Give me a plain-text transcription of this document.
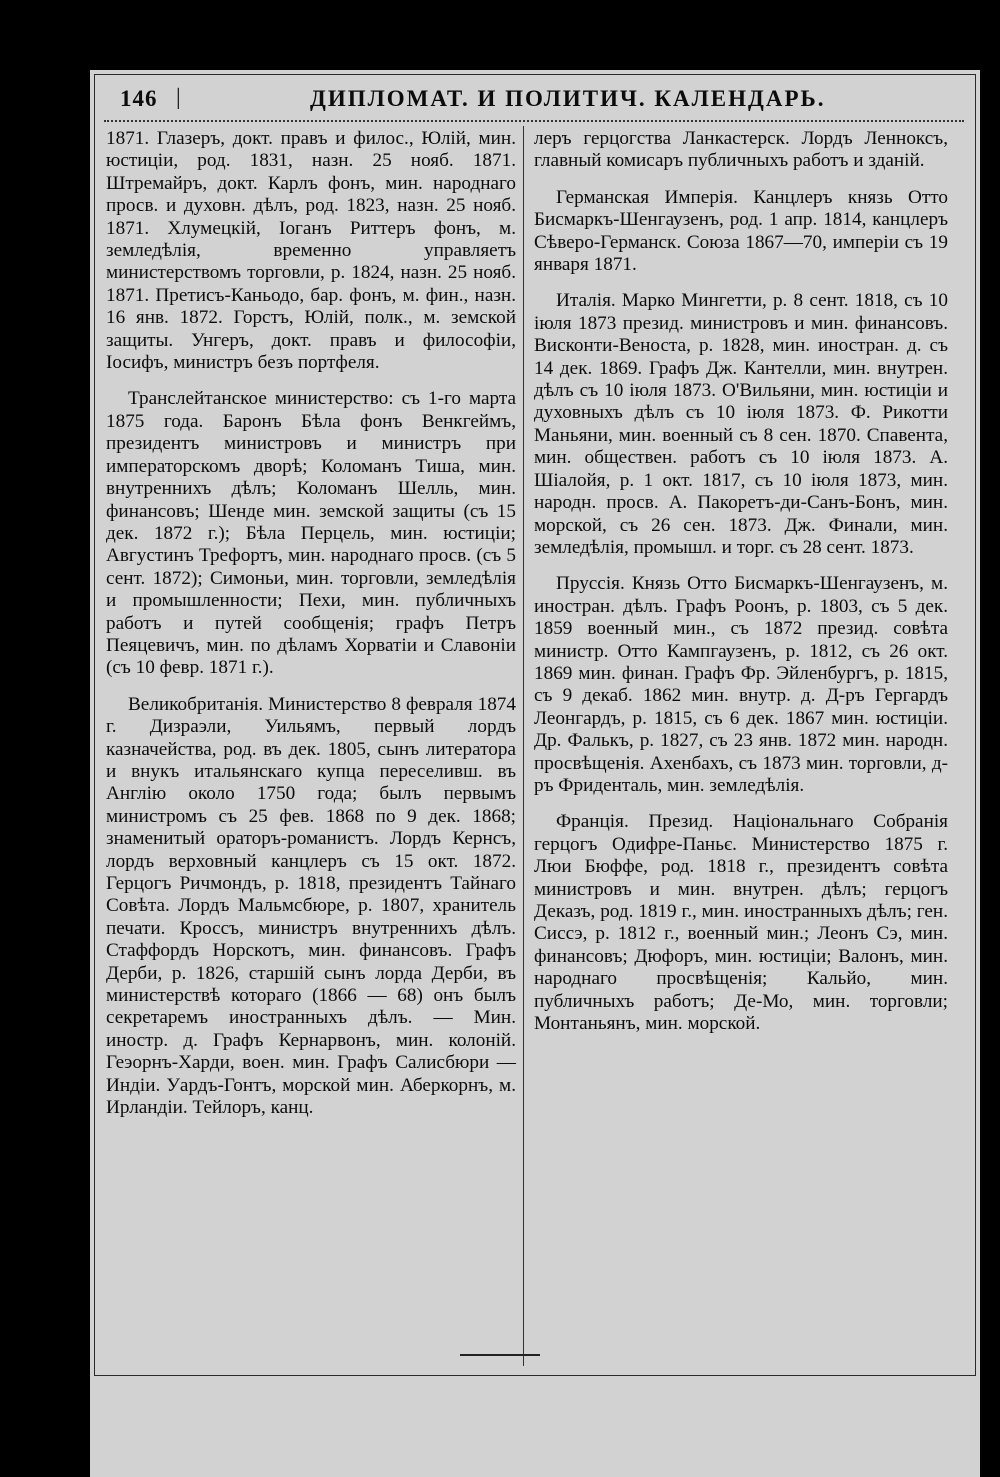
146 |	ДИПЛОМАТ. И ПОЛИТИЧ. КАЛЕНДАРЬ.

1871. Глазеръ, докт. правъ и филос., Юлій, мин. юстиціи, род. 1831, назн. 25 нояб. 1871. Штремайръ, докт. Карлъ фонъ, мин. народнаго просв. и духовн. дѣлъ, род. 1823, назн. 25 нояб. 1871. Хлумецкій, Іоганъ Риттеръ фонъ, м. земледѣлія, временно управляетъ министерствомъ торговли, р. 1824, назн. 25 нояб. 1871. Претисъ-Каньодо, бар. фонъ, м. фин., назн. 16 янв. 1872. Горстъ, Юлій, полк., м. земской защиты. Унгеръ, докт. правъ и философіи, Іосифъ, министръ безъ портфеля.

Транслейтанское министерство: съ 1-го марта 1875 года. Баронъ Бѣла фонъ Венкгеймъ, президентъ министровъ и министръ при императорскомъ дворѣ; Коломанъ Тиша, мин. внутреннихъ дѣлъ; Коломанъ Шелль, мин. финансовъ; Шенде мин. земской защиты (съ 15 дек. 1872 г.); Бѣла Перцель, мин. юстиціи; Августинъ Трефортъ, мин. народнаго просв. (съ 5 сент. 1872); Симоньи, мин. торговли, земледѣлія и промышленности; Пехи, мин. публичныхъ работъ и путей сообщенія; графъ Петръ Пеяцевичъ, мин. по дѣламъ Хорватіи и Славоніи (съ 10 февр. 1871 г.).

Великобританія. Министерство 8 февраля 1874 г. Дизраэли, Уильямъ, первый лордъ казначейства, род. въ дек. 1805, сынъ литератора и внукъ итальянскаго купца переселивш. въ Англію около 1750 года; былъ первымъ министромъ съ 25 фев. 1868 по 9 дек. 1868; знаменитый ораторъ-романистъ. Лордъ Кернсъ, лордъ верховный канцлеръ съ 15 окт. 1872. Герцогъ Ричмондъ, р. 1818, президентъ Тайнаго Совѣта. Лордъ Мальмсбюре, р. 1807, хранитель печати. Кроссъ, министръ внутреннихъ дѣлъ. Стаффордъ Норскотъ, мин. финансовъ. Графъ Дерби, р. 1826, старшій сынъ лорда Дерби, въ министерствѣ котораго (1866 — 68) онъ былъ секретаремъ иностранныхъ дѣлъ. — Мин. иностр. д. Графъ Кернарвонъ, мин. колоній. Геэорнъ-Харди, воен. мин. Графъ Салисбюри — Индіи. Уардъ-Гонтъ, морской мин. Аберкорнъ, м. Ирландіи. Тейлоръ, канц.

леръ герцогства Ланкастерск. Лордъ Ленноксъ, главный комисаръ публичныхъ работъ и зданій.

Германская Имперія. Канцлеръ князь Отто Бисмаркъ-Шенгаузенъ, род. 1 апр. 1814, канцлеръ Сѣверо-Германск. Союза 1867—70, имперіи съ 19 января 1871.

Италія. Марко Мингетти, р. 8 сент. 1818, съ 10 іюля 1873 презид. министровъ и мин. финансовъ. Висконти-Веноста, р. 1828, мин. иностран. д. съ 14 дек. 1869. Графъ Дж. Кантелли, мин. внутрен. дѣлъ съ 10 іюля 1873. О'Вильяни, мин. юстиціи и духовныхъ дѣлъ съ 10 іюля 1873. Ф. Рикотти Маньяни, мин. военный съ 8 сен. 1870. Спавента, мин. обществен. работъ съ 10 іюля 1873. А. Шіалойя, р. 1 окт. 1817, съ 10 іюля 1873, мин. народн. просв. А. Пакоретъ-ди-Санъ-Бонъ, мин. морской, съ 26 сен. 1873. Дж. Финали, мин. земледѣлія, промышл. и торг. съ 28 сент. 1873.

Пруссія. Князь Отто Бисмаркъ-Шенгаузенъ, м. иностран. дѣлъ. Графъ Роонъ, р. 1803, съ 5 дек. 1859 военный мин., съ 1872 презид. совѣта министр. Отто Кампгаузенъ, р. 1812, съ 26 окт. 1869 мин. финан. Графъ Фр. Эйленбургъ, р. 1815, съ 9 декаб. 1862 мин. внутр. д. Д-ръ Гергардъ Леонгардъ, р. 1815, съ 6 дек. 1867 мин. юстиціи. Др. Фалькъ, р. 1827, съ 23 янв. 1872 мин. народн. просвѣщенія. Ахенбахъ, съ 1873 мин. торговли, д-ръ Фриденталь, мин. земледѣлія.

Франція. Презид. Національнаго Собранія герцогъ Одифре-Паньє. Министерство 1875 г. Люи Бюффе, род. 1818 г., президентъ совѣта министровъ и мин. внутрен. дѣлъ; герцогъ Деказъ, род. 1819 г., мин. иностранныхъ дѣлъ; ген. Сиссэ, р. 1812 г., военный мин.; Леонъ Сэ, мин. финансовъ; Дюфоръ, мин. юстиціи; Валонъ, мин. народнаго просвѣщенія; Кальйо, мин. публичныхъ работъ; Де-Мо, мин. торговли; Монтаньянъ, мин. морской.
